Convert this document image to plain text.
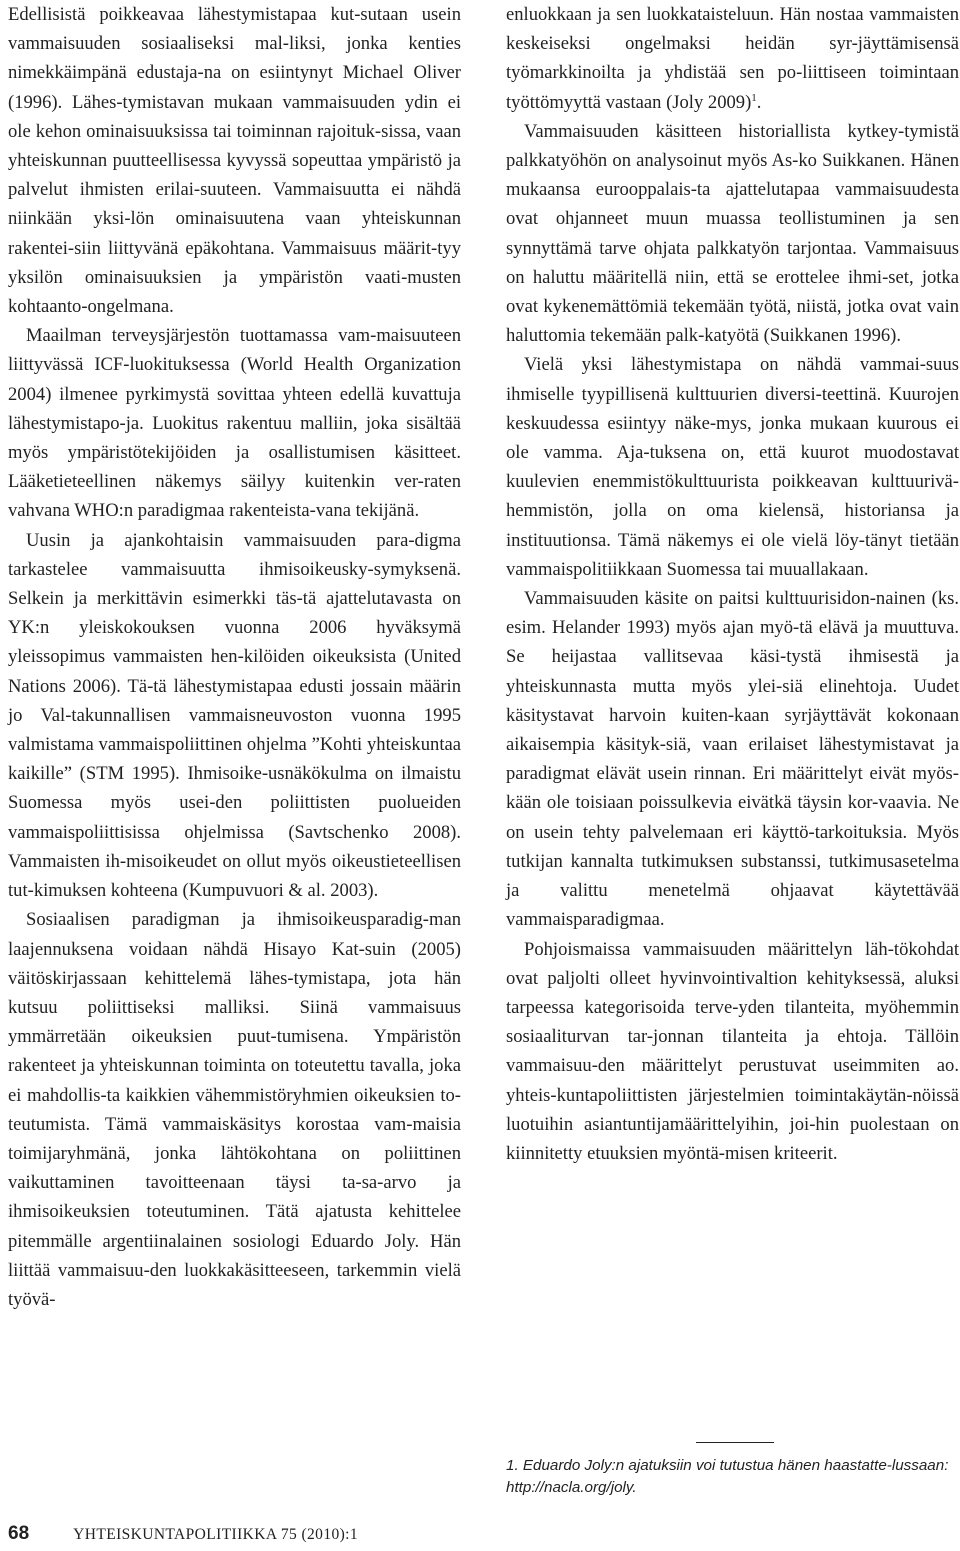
Edellisistä poikkeavaa lähestymistapaa kut-sutaan usein vammaisuuden sosiaaliseksi mal-liksi, jonka kenties nimekkäimpänä edustaja-na on esiintynyt Michael Oliver (1996). Lähes-tymistavan mukaan vammaisuuden ydin ei ole kehon ominaisuuksissa tai toiminnan rajoituk-sissa, vaan yhteiskunnan puutteellisessa kyvyssä sopeuttaa ympäristö ja palvelut ihmisten erilai-suuteen. Vammaisuutta ei nähdä niinkään yksi-lön ominaisuutena vaan yhteiskunnan rakentei-siin liittyvänä epäkohtana. Vammaisuus määrit-tyy yksilön ominaisuuksien ja ympäristön vaati-musten kohtaanto-ongelmana.

Maailman terveysjärjestön tuottamassa vam-maisuuteen liittyvässä ICF-luokituksessa (World Health Organization 2004) ilmenee pyrkimystä sovittaa yhteen edellä kuvattuja lähestymistapo-ja. Luokitus rakentuu malliin, joka sisältää myös ympäristötekijöiden ja osallistumisen käsitteet. Lääketieteellinen näkemys säilyy kuitenkin ver-raten vahvana WHO:n paradigmaa rakenteista-vana tekijänä.

Uusin ja ajankohtaisin vammaisuuden para-digma tarkastelee vammaisuutta ihmisoikeusky-symyksenä. Selkein ja merkittävin esimerkki täs-tä ajattelutavasta on YK:n yleiskokouksen vuonna 2006 hyväksymä yleissopimus vammaisten hen-kilöiden oikeuksista (United Nations 2006). Tä-tä lähestymistapaa edusti jossain määrin jo Val-takunnallisen vammaisneuvoston vuonna 1995 valmistama vammaispoliittinen ohjelma ”Kohti yhteiskuntaa kaikille” (STM 1995). Ihmisoike-usnäkökulma on ilmaistu Suomessa myös usei-den poliittisten puolueiden vammaispoliittisissa ohjelmissa (Savtschenko 2008). Vammaisten ih-misoikeudet on ollut myös oikeustieteellisen tut-kimuksen kohteena (Kumpuvuori & al. 2003).

Sosiaalisen paradigman ja ihmisoikeusparadig-man laajennuksena voidaan nähdä Hisayo Kat-suin (2005) väitöskirjassaan kehittelemä lähes-tymistapa, jota hän kutsuu poliittiseksi malliksi. Siinä vammaisuus ymmärretään oikeuksien puut-tumisena. Ympäristön rakenteet ja yhteiskunnan toiminta on toteutettu tavalla, joka ei mahdollis-ta kaikkien vähemmistöryhmien oikeuksien to-teutumista. Tämä vammaiskäsitys korostaa vam-maisia toimijaryhmänä, jonka lähtökohtana on poliittinen vaikuttaminen tavoitteenaan täysi ta-sa-arvo ja ihmisoikeuksien toteutuminen. Tätä ajatusta kehittelee pitemmälle argentiinalainen sosiologi Eduardo Joly. Hän liittää vammaisuu-den luokkakäsitteeseen, tarkemmin vielä työvä-

enluokkaan ja sen luokkataisteluun. Hän nostaa vammaisten keskeiseksi ongelmaksi heidän syr-jäyttämisensä työmarkkinoilta ja yhdistää sen po-liittiseen toimintaan työttömyyttä vastaan (Joly 2009)$^1$.

Vammaisuuden käsitteen historiallista kytkey-tymistä palkkatyöhön on analysoinut myös As-ko Suikkanen. Hänen mukaansa eurooppalais-ta ajattelutapaa vammaisuudesta ovat ohjanneet muun muassa teollistuminen ja sen synnyttämä tarve ohjata palkkatyön tarjontaa. Vammaisuus on haluttu määritellä niin, että se erottelee ihmi-set, jotka ovat kykenemättömiä tekemään työtä, niistä, jotka ovat vain haluttomia tekemään palk-katyötä (Suikkanen 1996).

Vielä yksi lähestymistapa on nähdä vammai-suus ihmiselle tyypillisenä kulttuurien diversi-teettinä. Kuurojen keskuudessa esiintyy näke-mys, jonka mukaan kuurous ei ole vamma. Aja-tuksena on, että kuurot muodostavat kuulevien enemmistökulttuurista poikkeavan kulttuurivä-hemmistön, jolla on oma kielensä, historiansa ja instituutionsa. Tämä näkemys ei ole vielä löy-tänyt tietään vammaispolitiikkaan Suomessa tai muuallakaan.

Vammaisuuden käsite on paitsi kulttuurisidon-nainen (ks. esim. Helander 1993) myös ajan myö-tä elävä ja muuttuva. Se heijastaa vallitsevaa käsi-tystä ihmisestä ja yhteiskunnasta mutta myös ylei-siä elinehtoja. Uudet käsitystavat harvoin kuiten-kaan syrjäyttävät kokonaan aikaisempia käsityk-siä, vaan erilaiset lähestymistavat ja paradigmat elävät usein rinnan. Eri määrittelyt eivät myös-kään ole toisiaan poissulkevia eivätkä täysin kor-vaavia. Ne on usein tehty palvelemaan eri käyttö-tarkoituksia. Myös tutkijan kannalta tutkimuksen substanssi, tutkimusasetelma ja valittu menetelmä ohjaavat käytettävää vammaisparadigmaa.

Pohjoismaissa vammaisuuden määrittelyn läh-tökohdat ovat paljolti olleet hyvinvointivaltion kehityksessä, aluksi tarpeessa kategorisoida terve-yden tilanteita, myöhemmin sosiaaliturvan tar-jonnan tilanteita ja ehtoja. Tällöin vammaisuu-den määrittelyt perustuvat useimmiten ao. yhteis-kuntapoliittisten järjestelmien toimintakäytän-nöissä luotuihin asiantuntijamäärittelyihin, joi-hin puolestaan on kiinnitetty etuuksien myöntä-misen kriteerit.

1. Eduardo Joly:n ajatuksiin voi tutustua hänen haastatte-lussaan: http://nacla.org/joly.
68	YHTEISKUNTAPOLITIIKKA 75 (2010):1
